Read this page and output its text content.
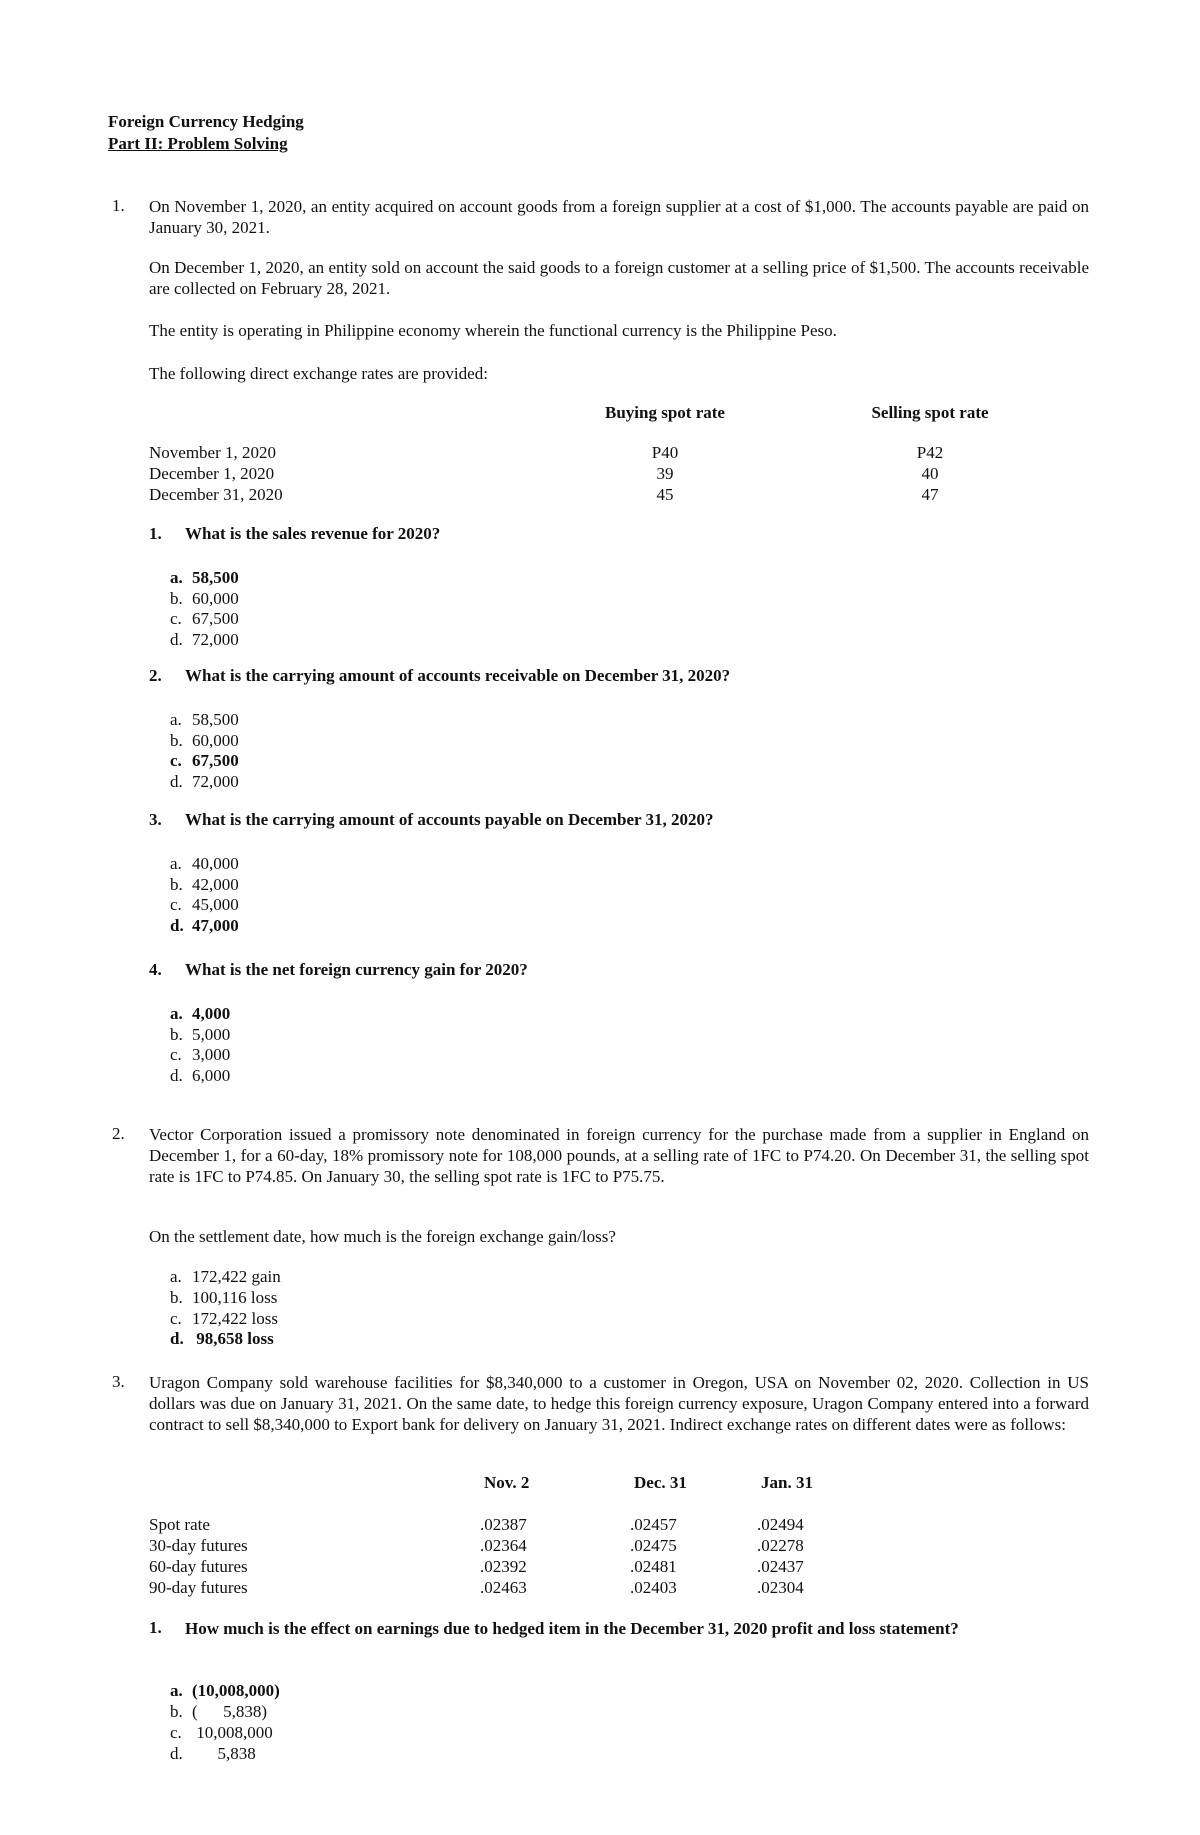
Foreign Currency Hedging
Part II: Problem Solving
1. On November 1, 2020, an entity acquired on account goods from a foreign supplier at a cost of $1,000. The accounts payable are paid on January 30, 2021.
On December 1, 2020, an entity sold on account the said goods to a foreign customer at a selling price of $1,500. The accounts receivable are collected on February 28, 2021.
The entity is operating in Philippine economy wherein the functional currency is the Philippine Peso.
The following direct exchange rates are provided:
Buying spot rate	Selling spot rate
November 1, 2020	P40	P42
December 1, 2020	39	40
December 31, 2020	45	47
1. What is the sales revenue for 2020?
a. 58,500
b. 60,000
c. 67,500
d. 72,000
2. What is the carrying amount of accounts receivable on December 31, 2020?
a. 58,500
b. 60,000
c. 67,500
d. 72,000
3. What is the carrying amount of accounts payable on December 31, 2020?
a. 40,000
b. 42,000
c. 45,000
d. 47,000
4. What is the net foreign currency gain for 2020?
a. 4,000
b. 5,000
c. 3,000
d. 6,000
2. Vector Corporation issued a promissory note denominated in foreign currency for the purchase made from a supplier in England on December 1, for a 60-day, 18% promissory note for 108,000 pounds, at a selling rate of 1FC to P74.20. On December 31, the selling spot rate is 1FC to P74.85. On January 30, the selling spot rate is 1FC to P75.75.
On the settlement date, how much is the foreign exchange gain/loss?
a. 172,422 gain
b. 100,116 loss
c. 172,422 loss
d. 98,658 loss
3. Uragon Company sold warehouse facilities for $8,340,000 to a customer in Oregon, USA on November 02, 2020. Collection in US dollars was due on January 31, 2021. On the same date, to hedge this foreign currency exposure, Uragon Company entered into a forward contract to sell $8,340,000 to Export bank for delivery on January 31, 2021. Indirect exchange rates on different dates were as follows:
Nov. 2	Dec. 31	Jan. 31
Spot rate	.02387	.02457	.02494
30-day futures	.02364	.02475	.02278
60-day futures	.02392	.02481	.02437
90-day futures	.02463	.02403	.02304
1. How much is the effect on earnings due to hedged item in the December 31, 2020 profit and loss statement?
a. (10,008,000)
b. (      5,838)
c. 10,008,000
d.      5,838
